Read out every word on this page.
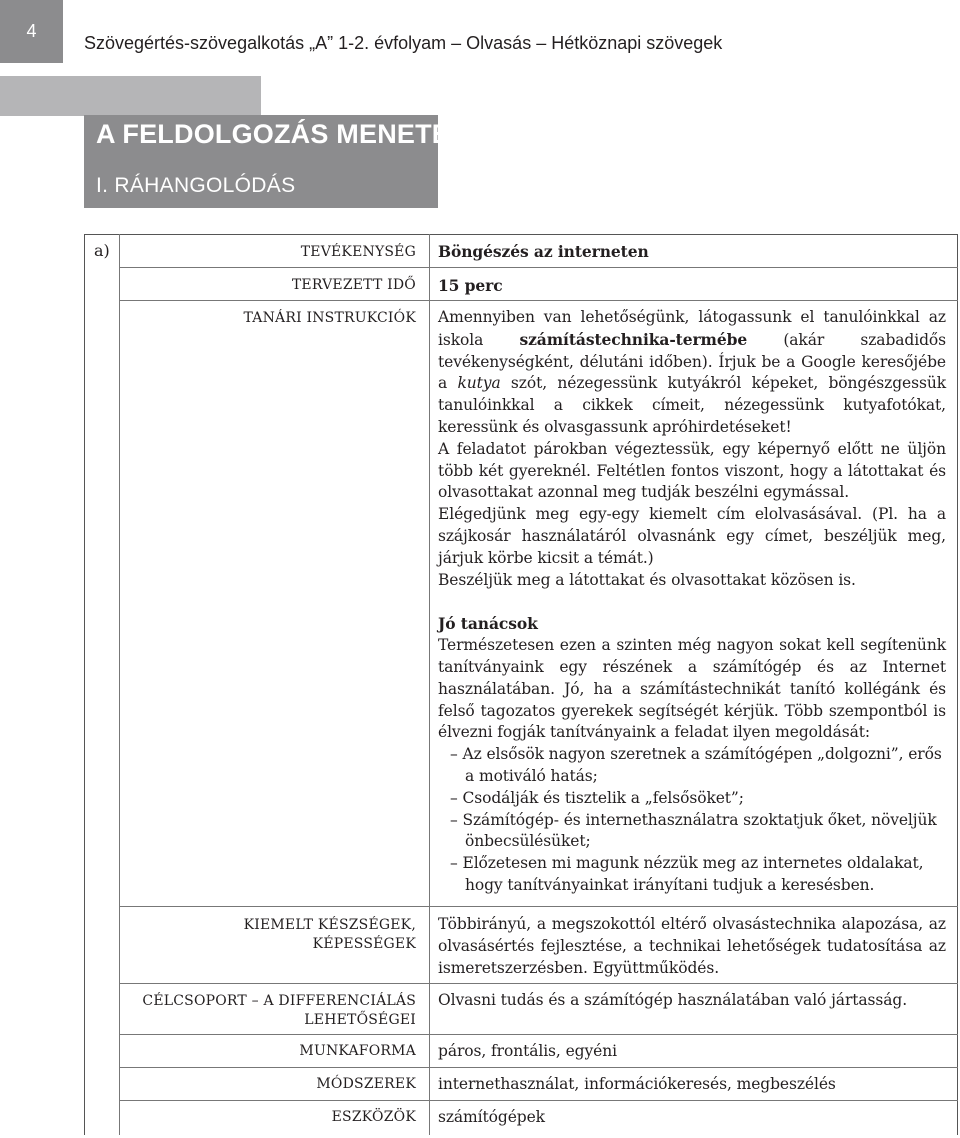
4
Szövegértés-szövegalkotás „A” 1-2. évfolyam – Olvasás – Hétköznapi szövegek
A FELDOLGOZÁS MENETE
I. RÁHANGOLÓDÁS
a)	TEVÉKENYSÉG Böngészés az interneten
TERVEZETT IDŐ 15 perc
TANÁRI INSTRUKCIÓK Amennyiben van lehetőségünk, látogassunk el tanulóinkkal az iskola számítástechnika-termébe (akár szabadidős tevékenységként, délutáni időben). Írjuk be a Google keresőjébe a kutya szót, nézegessünk kutyákról képeket, böngészgessük tanulóinkkal a cikkek címeit, nézegessünk kutyafotókat, keressünk és olvasgassunk apróhirdetéseket!

A feladatot párokban végeztessük, egy képernyő előtt ne üljön több két gyereknél. Feltétlen fontos viszont, hogy a látottakat és olvasottakat azonnal meg tudják beszélni egymással.

Elégedjünk meg egy-egy kiemelt cím elolvasásával. (Pl. ha a szájkosár használatáról olvasnánk egy címet, beszéljük meg, járjuk körbe kicsit a témát.)

Beszéljük meg a látottakat és olvasottakat közösen is.

Jó tanácsok

Természetesen ezen a szinten még nagyon sokat kell segítenünk tanítványaink egy részének a számítógép és az Internet használatában. Jó, ha a számítástechnikát tanító kollégánk és felső tagozatos gyerekek segítségét kérjük. Több szempontból is élvezni fogják tanítványaink a feladat ilyen megoldását:

– Az elsősök nagyon szeretnek a számítógépen „dolgozni”, erős a motiváló hatás;
– Csodálják és tisztelik a „felsősöket”;
– Számítógép- és internethasználatra szoktatjuk őket, növeljük önbecsülésüket;
– Előzetesen mi magunk nézzük meg az internetes oldalakat, hogy tanítványainkat irányítani tudjuk a keresésben.
KIEMELT KÉSZSÉGEK,
KÉPESSÉGEK

Többirányú, a megszokottól eltérő olvasástechnika alapozása, az olvasásértés fejlesztése, a technikai lehetőségek tudatosítása az ismeretszerzésben. Együttműködés.

CÉLCSOPORT – A DIFFERENCIÁLÁS
LEHETŐSÉGEI

Olvasni tudás és a számítógép használatában való jártasság.

MUNKAFORMA páros, frontális, egyéni
MÓDSZEREK internethasználat, információkeresés, megbeszélés
ESZKÖZÖK számítógépek
